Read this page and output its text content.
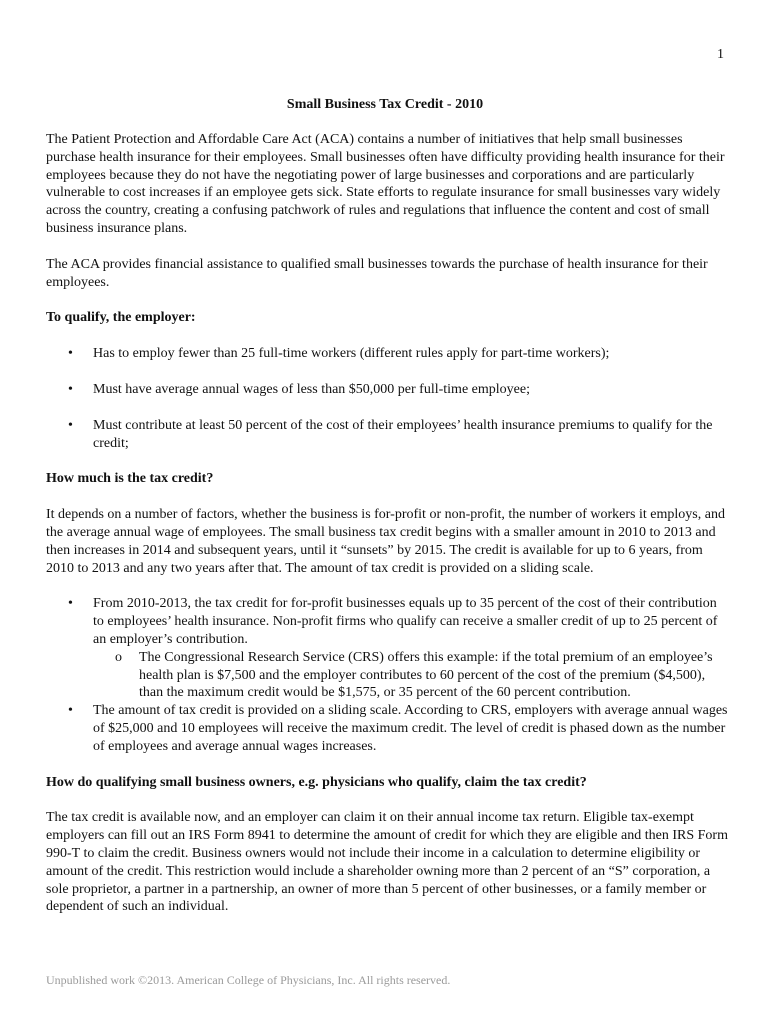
1
Small Business Tax Credit - 2010

The Patient Protection and Affordable Care Act (ACA) contains a number of initiatives that help small businesses purchase health insurance for their employees. Small businesses often have difficulty providing health insurance for their employees because they do not have the negotiating power of large businesses and corporations and are particularly vulnerable to cost increases if an employee gets sick. State efforts to regulate insurance for small businesses vary widely across the country, creating a confusing patchwork of rules and regulations that influence the content and cost of small business insurance plans.

The ACA provides financial assistance to qualified small businesses towards the purchase of health insurance for their employees.

To qualify, the employer:
• Has to employ fewer than 25 full-time workers (different rules apply for part-time workers);
• Must have average annual wages of less than $50,000 per full-time employee;
• Must contribute at least 50 percent of the cost of their employees’ health insurance premiums to qualify for the credit;
How much is the tax credit?

It depends on a number of factors, whether the business is for-profit or non-profit, the number of workers it employs, and the average annual wage of employees. The small business tax credit begins with a smaller amount in 2010 to 2013 and then increases in 2014 and subsequent years, until it “sunsets” by 2015. The credit is available for up to 6 years, from 2010 to 2013 and any two years after that. The amount of tax credit is provided on a sliding scale.

• From 2010-2013, the tax credit for for-profit businesses equals up to 35 percent of the cost of their contribution to employees’ health insurance. Non-profit firms who qualify can receive a smaller credit of up to 25 percent of an employer’s contribution.
o The Congressional Research Service (CRS) offers this example: if the total premium of an employee’s health plan is $7,500 and the employer contributes to 60 percent of the cost of the premium ($4,500), than the maximum credit would be $1,575, or 35 percent of the 60 percent contribution.
• The amount of tax credit is provided on a sliding scale. According to CRS, employers with average annual wages of $25,000 and 10 employees will receive the maximum credit. The level of credit is phased down as the number of employees and average annual wages increases.
How do qualifying small business owners, e.g. physicians who qualify, claim the tax credit?

The tax credit is available now, and an employer can claim it on their annual income tax return. Eligible tax-exempt employers can fill out an IRS Form 8941 to determine the amount of credit for which they are eligible and then IRS Form 990-T to claim the credit. Business owners would not include their income in a calculation to determine eligibility or amount of the credit. This restriction would include a shareholder owning more than 2 percent of an “S” corporation, a sole proprietor, a partner in a partnership, an owner of more than 5 percent of other businesses, or a family member or dependent of such an individual.

Unpublished work ©2013. American College of Physicians, Inc. All rights reserved.
